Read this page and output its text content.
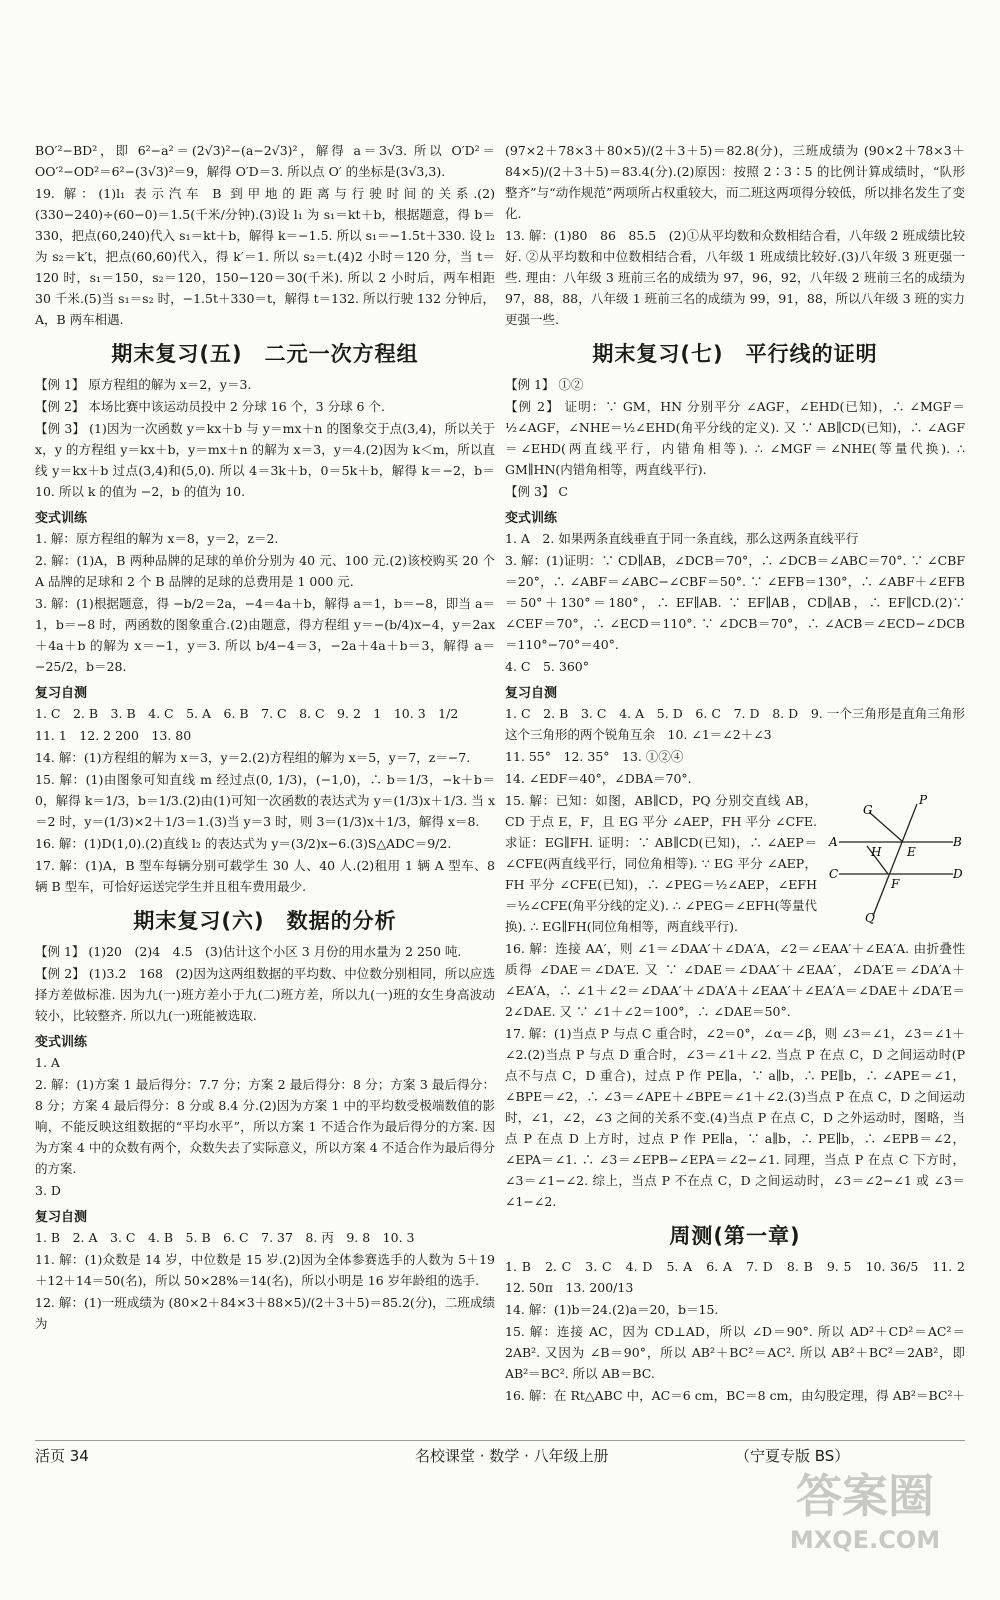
BO′²−BD²，即 6²−a²＝(2√3)²−(a−2√3)²，解得 a＝3√3. 所以 O′D²＝OO′²−OD²＝6²−(3√3)²＝9，解得 O′D＝3. 所以点 O′ 的坐标是(3√3,3).
19. 解：(1)l₁ 表示汽车 B 到甲地的距离与行驶时间的关系.(2)(330−240)÷(60−0)＝1.5(千米/分钟).(3)设 l₁ 为 s₁＝kt＋b，根据题意，得 b＝330，把点(60,240)代入 s₁＝kt＋b，解得 k＝−1.5. 所以 s₁＝−1.5t＋330. 设 l₂ 为 s₂＝k′t，把点(60,60)代入，得 k′＝1. 所以 s₂＝t.(4)2 小时＝120 分，当 t＝120 时，s₁＝150，s₂＝120，150−120＝30(千米). 所以 2 小时后，两车相距 30 千米.(5)当 s₁＝s₂ 时，−1.5t＋330＝t，解得 t＝132. 所以行驶 132 分钟后，A，B 两车相遇.
期末复习(五)　二元一次方程组
【例 1】 原方程组的解为 x＝2，y＝3.
【例 2】 本场比赛中该运动员投中 2 分球 16 个，3 分球 6 个.
【例 3】 (1)因为一次函数 y＝kx＋b 与 y＝mx＋n 的图象交于点(3,4)，所以关于 x，y 的方程组 y＝kx＋b，y＝mx＋n 的解为 x＝3，y＝4.(2)因为 k＜m，所以直线 y＝kx＋b 过点(3,4)和(5,0). 所以 4＝3k＋b，0＝5k＋b，解得 k＝−2，b＝10. 所以 k 的值为 −2，b 的值为 10.
变式训练
1. 解：原方程组的解为 x＝8，y＝2，z＝2.
2. 解：(1)A，B 两种品牌的足球的单价分别为 40 元、100 元.(2)该校购买 20 个 A 品牌的足球和 2 个 B 品牌的足球的总费用是 1 000 元.
3. 解：(1)根据题意，得 −b/2＝2a，−4＝4a＋b，解得 a＝1，b＝−8，即当 a＝1，b＝−8 时，两函数的图象重合.(2)由题意，得方程组 y＝−(b/4)x−4，y＝2ax＋4a＋b 的解为 x＝−1，y＝3. 所以 b/4−4＝3，−2a＋4a＋b＝3，解得 a＝−25/2，b＝28.
复习自测
1. C　2. B　3. B　4. C　5. A　6. B　7. C　8. C　9. 2　1　10. 3　1/2
11. 1　12. 2 200　13. 80
14. 解：(1)方程组的解为 x＝3，y＝2.(2)方程组的解为 x＝5，y＝7，z＝−7.
15. 解：(1)由图象可知直线 m 经过点(0, 1/3)，(−1,0)，∴ b＝1/3，−k＋b＝0，解得 k＝1/3，b＝1/3.(2)由(1)可知一次函数的表达式为 y＝(1/3)x＋1/3. 当 x＝2 时，y＝(1/3)×2＋1/3＝1.(3)当 y＝3 时，则 3＝(1/3)x＋1/3，解得 x＝8.
16. 解：(1)D(1,0).(2)直线 l₂ 的表达式为 y＝(3/2)x−6.(3)S△ADC＝9/2.
17. 解：(1)A，B 型车每辆分别可载学生 30 人、40 人.(2)租用 1 辆 A 型车、8 辆 B 型车，可恰好运送完学生并且租车费用最少.
期末复习(六)　数据的分析
【例 1】 (1)20　(2)4　4.5　(3)估计这个小区 3 月份的用水量为 2 250 吨.
【例 2】 (1)3.2　168　(2)因为这两组数据的平均数、中位数分别相同，所以应选择方差做标准. 因为九(一)班方差小于九(二)班方差，所以九(一)班的女生身高波动较小，比较整齐. 所以九(一)班能被选取.
变式训练
1. A
2. 解：(1)方案 1 最后得分：7.7 分；方案 2 最后得分：8 分；方案 3 最后得分：8 分；方案 4 最后得分：8 分或 8.4 分.(2)因为方案 1 中的平均数受极端数值的影响，不能反映这组数据的“平均水平”，所以方案 1 不适合作为最后得分的方案. 因为方案 4 中的众数有两个，众数失去了实际意义，所以方案 4 不适合作为最后得分的方案.
3. D
复习自测
1. B　2. A　3. C　4. B　5. B　6. C　7. 37　8. 丙　9. 8　10. 3
11. 解：(1)众数是 14 岁，中位数是 15 岁.(2)因为全体参赛选手的人数为 5＋19＋12＋14＝50(名)，所以 50×28%＝14(名)，所以小明是 16 岁年龄组的选手.
12. 解：(1)一班成绩为 (80×2＋84×3＋88×5)/(2＋3＋5)＝85.2(分)，二班成绩为
(97×2＋78×3＋80×5)/(2＋3＋5)＝82.8(分)，三班成绩为 (90×2＋78×3＋84×5)/(2＋3＋5)＝83.4(分).(2)原因：按照 2∶3∶5 的比例计算成绩时，“队形整齐”与“动作规范”两项所占权重较大，而二班这两项得分较低，所以排名发生了变化.
13. 解：(1)80　86　85.5　(2)①从平均数和众数相结合看，八年级 2 班成绩比较好. ②从平均数和中位数相结合看，八年级 1 班成绩比较好.(3)八年级 3 班更强一些. 理由：八年级 3 班前三名的成绩为 97，96，92，八年级 2 班前三名的成绩为 97，88，88，八年级 1 班前三名的成绩为 99，91，88，所以八年级 3 班的实力更强一些.
期末复习(七)　平行线的证明
【例 1】 ①②
【例 2】 证明：∵ GM，HN 分别平分 ∠AGF，∠EHD(已知)，∴ ∠MGF＝½∠AGF，∠NHE＝½∠EHD(角平分线的定义). 又 ∵ AB∥CD(已知)，∴ ∠AGF＝∠EHD(两直线平行，内错角相等). ∴ ∠MGF＝∠NHE(等量代换). ∴ GM∥HN(内错角相等，两直线平行).
【例 3】 C
变式训练
1. A　2. 如果两条直线垂直于同一条直线，那么这两条直线平行
3. 解：(1)证明：∵ CD∥AB，∠DCB＝70°，∴ ∠DCB＝∠ABC＝70°. ∵ ∠CBF＝20°，∴ ∠ABF＝∠ABC−∠CBF＝50°. ∵ ∠EFB＝130°，∴ ∠ABF＋∠EFB＝50°＋130°＝180°，∴ EF∥AB. ∵ EF∥AB，CD∥AB，∴ EF∥CD.(2)∵ ∠CEF＝70°，∴ ∠ECD＝110°. ∵ ∠DCB＝70°，∴ ∠ACB＝∠ECD−∠DCB＝110°−70°＝40°.
4. C　5. 360°
复习自测
1. C　2. B　3. C　4. A　5. D　6. C　7. D　8. D　9. 一个三角形是直角三角形　这个三角形的两个锐角互余　10. ∠1＝∠2＋∠3
11. 55°　12. 35°　13. ①②④
14. ∠EDF＝40°，∠DBA＝70°.
P
G
A	B
H E
C	D
F
Q
15. 解：已知：如图，AB∥CD，PQ 分别交直线 AB，CD 于点 E，F，且 EG 平分 ∠AEP，FH 平分 ∠CFE. 求证：EG∥FH. 证明：∵ AB∥CD(已知)，∴ ∠AEP＝∠CFE(两直线平行，同位角相等). ∵ EG 平分 ∠AEP，FH 平分 ∠CFE(已知)，∴ ∠PEG＝½∠AEP，∠EFH＝½∠CFE(角平分线的定义). ∴ ∠PEG＝∠EFH(等量代换). ∴ EG∥FH(同位角相等，两直线平行).
16. 解：连接 AA′，则 ∠1＝∠DAA′＋∠DA′A，∠2＝∠EAA′＋∠EA′A. 由折叠性质得 ∠DAE＝∠DA′E. 又 ∵ ∠DAE＝∠DAA′＋∠EAA′，∠DA′E＝∠DA′A＋∠EA′A，∴ ∠1＋∠2＝∠DAA′＋∠DA′A＋∠EAA′＋∠EA′A＝∠DAE＋∠DA′E＝2∠DAE. 又 ∵ ∠1＋∠2＝100°，∴ ∠DAE＝50°.
17. 解：(1)当点 P 与点 C 重合时，∠2＝0°，∠α＝∠β，则 ∠3＝∠1，∠3＝∠1＋∠2.(2)当点 P 与点 D 重合时，∠3＝∠1＋∠2. 当点 P 在点 C，D 之间运动时(P 点不与点 C，D 重合)，过点 P 作 PE∥a，∵ a∥b，∴ PE∥b，∴ ∠APE＝∠1，∠BPE＝∠2，∴ ∠3＝∠APE＋∠BPE＝∠1＋∠2.(3)当点 P 在点 C，D 之间运动时，∠1，∠2，∠3 之间的关系不变.(4)当点 P 在点 C，D 之外运动时，图略，当点 P 在点 D 上方时，过点 P 作 PE∥a，∵ a∥b，∴ PE∥b，∴ ∠EPB＝∠2，∠EPA＝∠1. ∴ ∠3＝∠EPB−∠EPA＝∠2−∠1. 同理，当点 P 在点 C 下方时，∠3＝∠1−∠2. 综上，当点 P 不在点 C，D 之间运动时，∠3＝∠2−∠1 或 ∠3＝∠1−∠2.
周测(第一章)
1. B　2. C　3. C　4. D　5. A　6. A　7. D　8. B　9. 5　10. 36/5　11. 2　12. 50π　13. 200/13
14. 解：(1)b＝24.(2)a＝20，b＝15.
15. 解：连接 AC，因为 CD⊥AD，所以 ∠D＝90°. 所以 AD²＋CD²＝AC²＝2AB². 又因为 ∠B＝90°，所以 AB²＋BC²＝AC². 所以 AB²＋BC²＝2AB²，即 AB²＝BC². 所以 AB＝BC.
16. 解：在 Rt△ABC 中，AC＝6 cm，BC＝8 cm，由勾股定理，得 AB²＝BC²＋
活页 34	名校课堂 · 数学 · 八年级上册	（宁夏专版 BS）
答案圈
MXQE.COM
